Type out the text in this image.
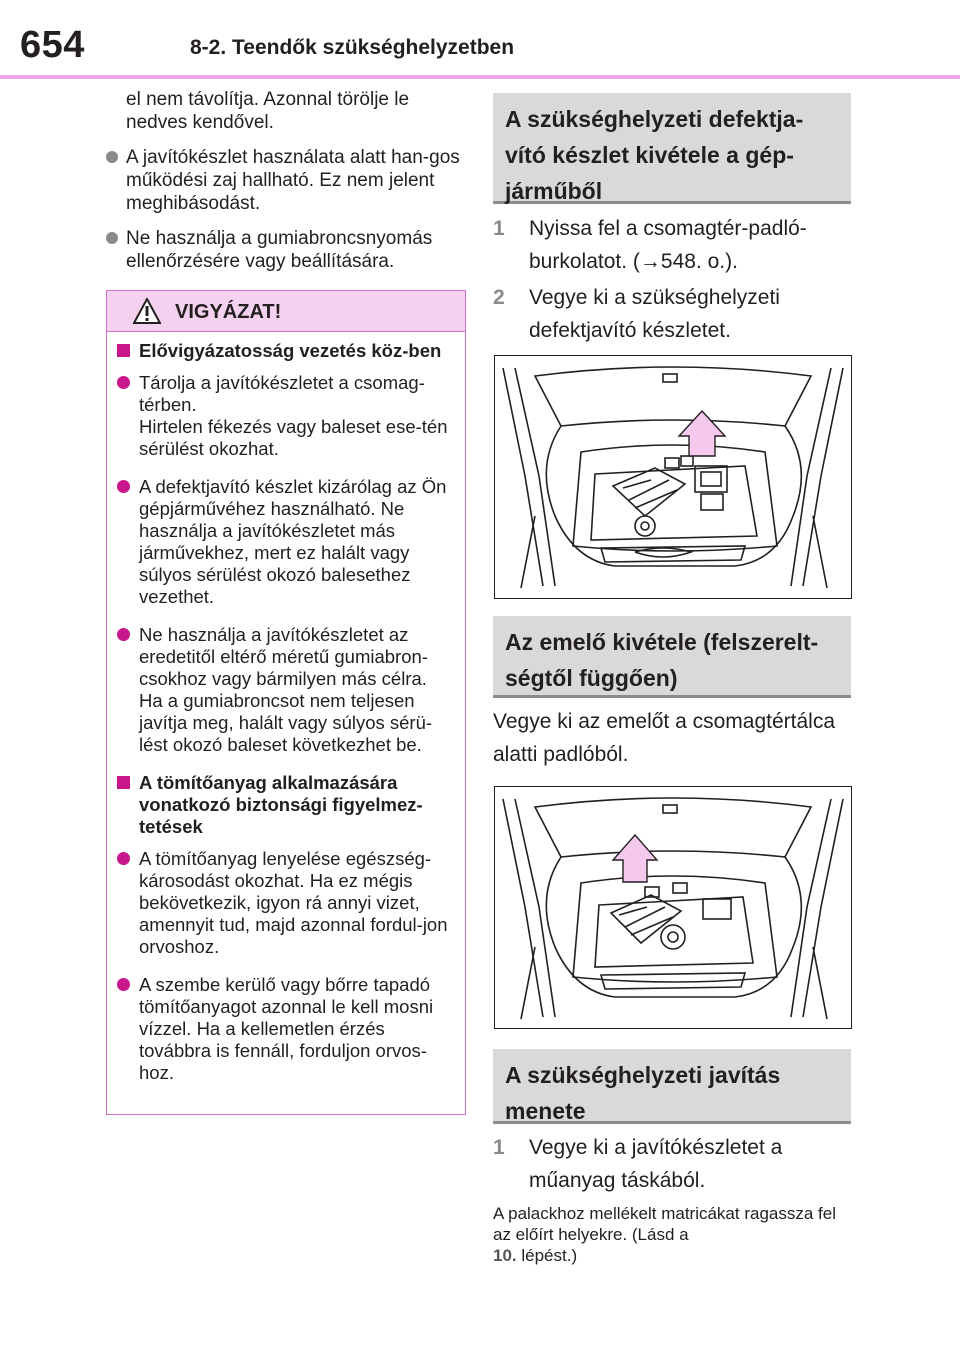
654	8-2. Teendők szükséghelyzetben

el nem távolítja. Azonnal törölje le nedves kendővel.

A javítókészlet használata alatt han-gos működési zaj hallható. Ez nem jelent meghibásodást.
Ne használja a gumiabroncsnyomás ellenőrzésére vagy beállítására.
VIGYÁZAT!
Elővigyázatosság vezetés köz-ben
Tárolja a javítókészletet a csomag-térben.
Hirtelen fékezés vagy baleset ese-tén sérülést okozhat.
A defektjavító készlet kizárólag az Ön gépjárművéhez használható. Ne használja a javítókészletet más járművekhez, mert ez halált vagy súlyos sérülést okozó balesethez vezethet.
Ne használja a javítókészletet az eredetitől eltérő méretű gumiabron-csokhoz vagy bármilyen más célra. Ha a gumiabroncsot nem teljesen javítja meg, halált vagy súlyos sérü-lést okozó baleset következhet be.
A tömítőanyag alkalmazására vonatkozó biztonsági figyelmez-tetések
A tömítőanyag lenyelése egészség-károsodást okozhat. Ha ez mégis bekövetkezik, igyon rá annyi vizet, amennyit tud, majd azonnal fordul-jon orvoshoz.
A szembe kerülő vagy bőrre tapadó tömítőanyagot azonnal le kell mosni vízzel. Ha a kellemetlen érzés továbbra is fennáll, forduljon orvos-hoz.
A szükséghelyzeti defektja-vító készlet kivétele a gép-járműből
1 Nyissa fel a csomagtér-padló-burkolatot. (→548. o.).
2 Vegye ki a szükséghelyzeti defektjavító készletet.
Az emelő kivétele (felszerelt-ségtől függően)
Vegye ki az emelőt a csomagtértálca alatti padlóból.
A szükséghelyzeti javítás menete
1 Vegye ki a javítókészletet a műanyag táskából.
A palackhoz mellékelt matricákat ragassza fel az előírt helyekre. (Lásd a
10. lépést.)
